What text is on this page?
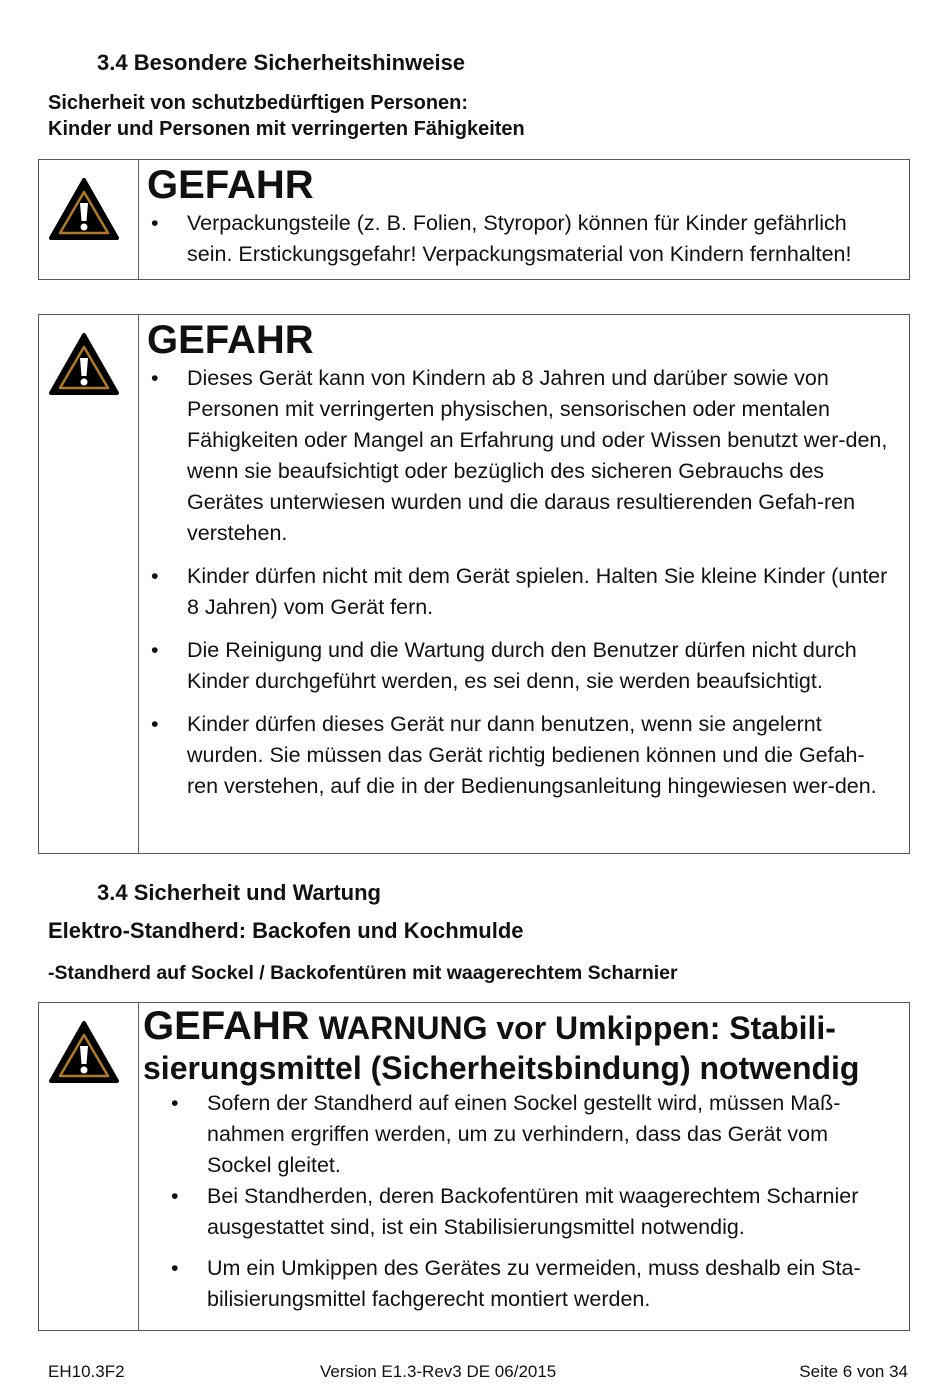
3.4 Besondere Sicherheitshinweise

Sicherheit von schutzbedürftigen Personen:
Kinder und Personen mit verringerten Fähigkeiten

GEFAHR

• Verpackungsteile (z. B. Folien, Styropor) können für Kinder gefährlich sein. Erstickungsgefahr! Verpackungsmaterial von Kindern fernhalten!

GEFAHR

• Dieses Gerät kann von Kindern ab 8 Jahren und darüber sowie von Personen mit verringerten physischen, sensorischen oder mentalen Fähigkeiten oder Mangel an Erfahrung und oder Wissen benutzt wer-den, wenn sie beaufsichtigt oder bezüglich des sicheren Gebrauchs des Gerätes unterwiesen wurden und die daraus resultierenden Gefah-ren verstehen.
• Kinder dürfen nicht mit dem Gerät spielen. Halten Sie kleine Kinder (unter 8 Jahren) vom Gerät fern.
• Die Reinigung und die Wartung durch den Benutzer dürfen nicht durch Kinder durchgeführt werden, es sei denn, sie werden beaufsichtigt.
• Kinder dürfen dieses Gerät nur dann benutzen, wenn sie angelernt wurden. Sie müssen das Gerät richtig bedienen können und die Gefah-ren verstehen, auf die in der Bedienungsanleitung hingewiesen wer-den.
3.4 Sicherheit und Wartung

Elektro-Standherd: Backofen und Kochmulde

-Standherd auf Sockel / Backofentüren mit waagerechtem Scharnier

GEFAHR WARNUNG vor Umkippen: Stabili-sierungsmittel (Sicherheitsbindung) notwendig

• Sofern der Standherd auf einen Sockel gestellt wird, müssen Maß-nahmen ergriffen werden, um zu verhindern, dass das Gerät vom Sockel gleitet.
• Bei Standherden, deren Backofentüren mit waagerechtem Scharnier ausgestattet sind, ist ein Stabilisierungsmittel notwendig.
• Um ein Umkippen des Gerätes zu vermeiden, muss deshalb ein Sta-bilisierungsmittel fachgerecht montiert werden.
EH10.3F2	Version E1.3-Rev3 DE 06/2015	Seite 6 von 34
